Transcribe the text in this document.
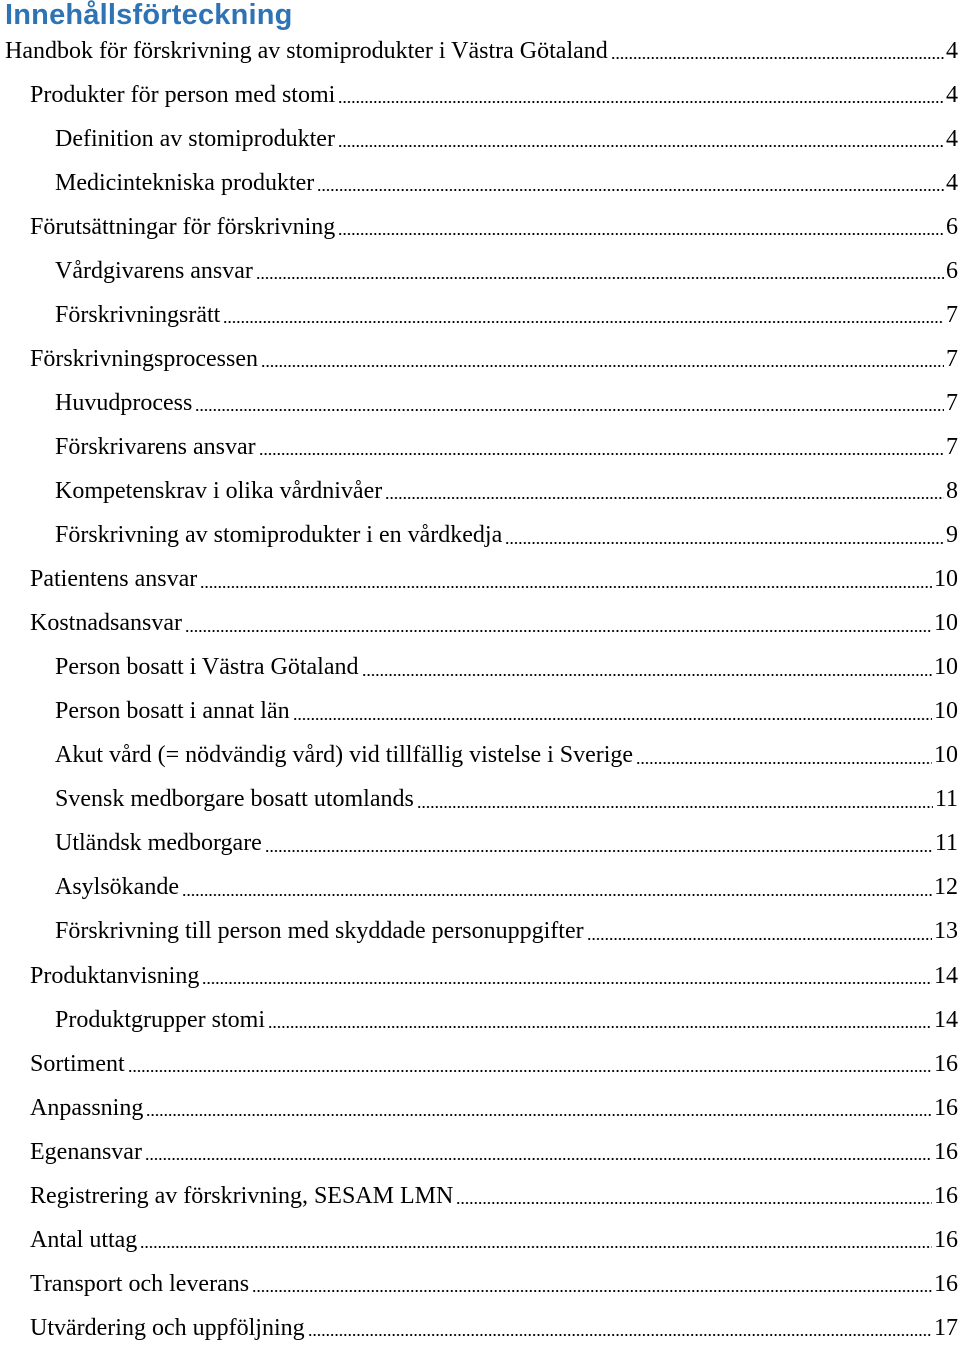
Innehållsförteckning
Handbok för förskrivning av stomiprodukter i Västra Götaland	4
Produkter för person med stomi	4
Definition av stomiprodukter	4
Medicintekniska produkter	4
Förutsättningar för förskrivning	6
Vårdgivarens ansvar	6
Förskrivningsrätt	7
Förskrivningsprocessen	7
Huvudprocess	7
Förskrivarens ansvar	7
Kompetenskrav i olika vårdnivåer	8
Förskrivning av stomiprodukter i en vårdkedja	9
Patientens ansvar	10
Kostnadsansvar	10
Person bosatt i Västra Götaland	10
Person bosatt i annat län	10
Akut vård (= nödvändig vård) vid tillfällig vistelse i Sverige	10
Svensk medborgare bosatt utomlands	11
Utländsk medborgare	11
Asylsökande	12
Förskrivning till person med skyddade personuppgifter	13
Produktanvisning	14
Produktgrupper stomi	14
Sortiment	16
Anpassning	16
Egenansvar	16
Registrering av förskrivning, SESAM LMN	16
Antal uttag	16
Transport och leverans	16
Utvärdering och uppföljning	17
